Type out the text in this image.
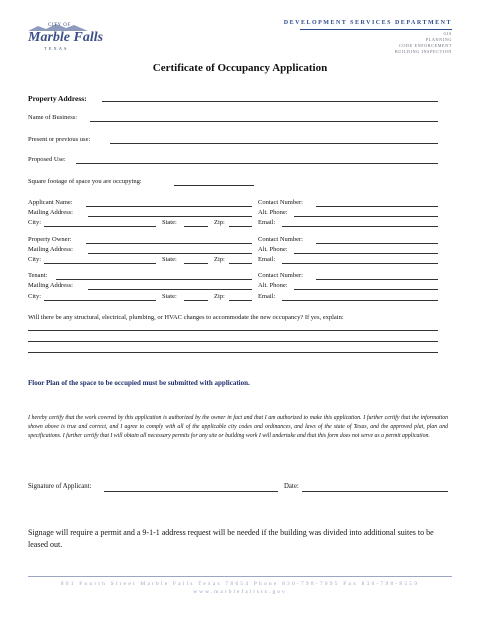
CITY OF
Marble Falls
TEXAS
DEVELOPMENT SERVICES DEPARTMENT
GIS
PLANNING
CODE ENFORCEMENT
BUILDING INSPECTION
Certificate of Occupancy Application
Property Address:
Name of Business:
Present or previous use:
Proposed Use:
Square footage of space you are occupying:
Applicant Name:	Contact Number:
Mailing Address:	Alt. Phone:
City:	State:	Zip:	Email:
Property Owner:	Contact Number:
Mailing Address:	Alt. Phone:
City:	State:	Zip:	Email:
Tenant:	Contact Number:
Mailing Address:	Alt. Phone:
City:	State:	Zip:	Email:
Will there be any structural, electrical, plumbing, or HVAC changes to accommodate the new occupancy? If yes, explain:
Floor Plan of the space to be occupied must be submitted with application.
I hereby certify that the work covered by this application is authorized by the owner in fact and that I am authorized to make this application. I further certify that the information shown above is true and correct, and I agree to comply with all of the applicable city codes and ordinances, and laws of the state of Texas, and the approved plat, plan and specifications. I further certify that I will obtain all necessary permits for any site or building work I will undertake and that this form does not serve as a permit application.
Signature of Applicant:	Date:
Signage will require a permit and a 9-1-1 address request will be needed if the building was divided into additional suites to be leased out.
801 Fourth Street Marble Falls Texas 78654 Phone 830-798-7095 Fax 830-798-8559
www.marblefallstx.gov
